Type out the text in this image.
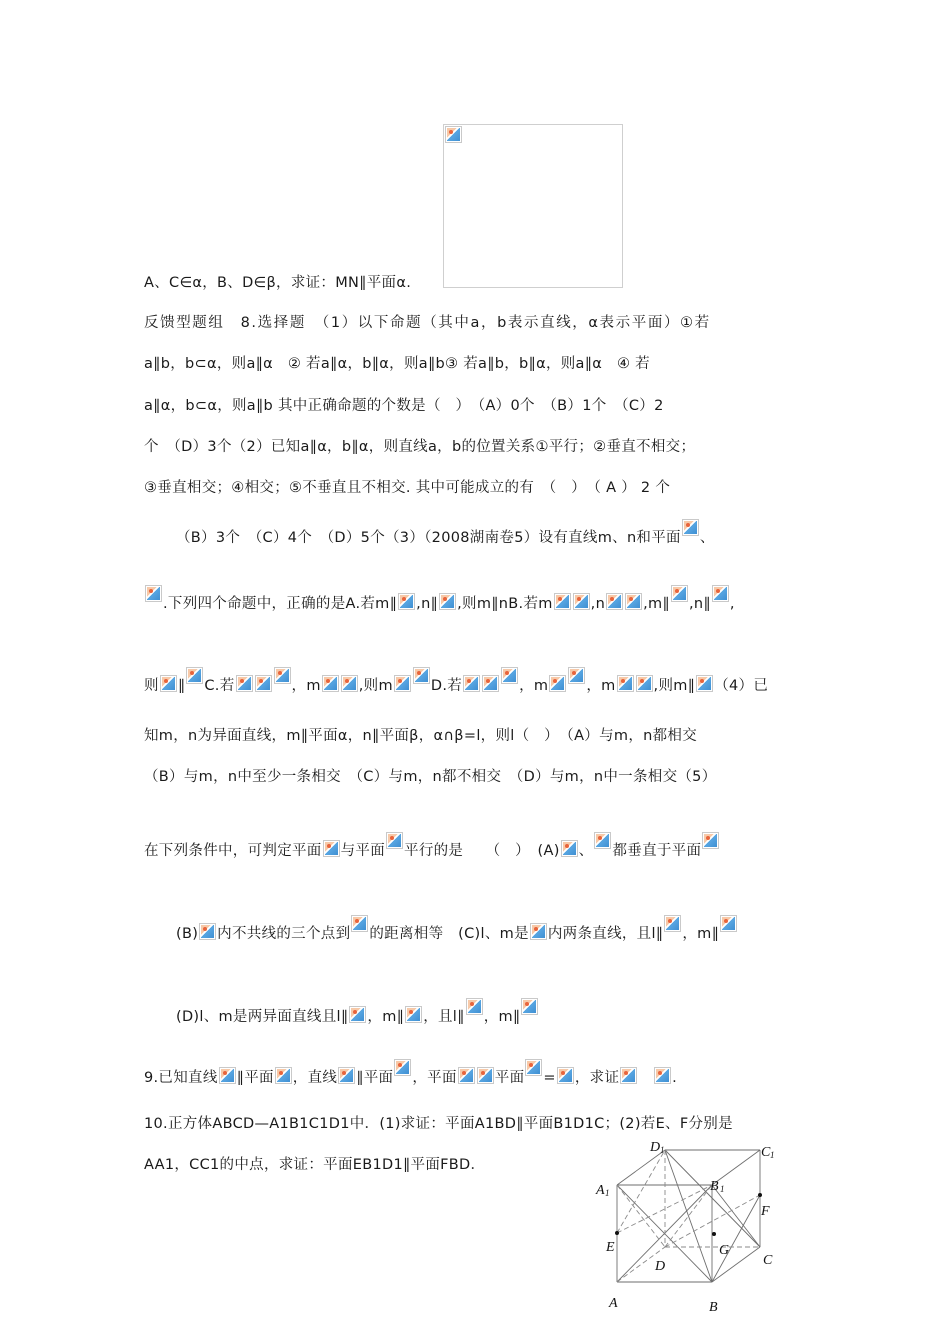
A、C∈α，B、D∈β，求证：MN∥平面α.
反馈型题组　8.选择题　（1）以下命题（其中a，b表示直线，α表示平面）①若
a∥b，b⊂α，则a∥α　② 若a∥α，b∥α，则a∥b③ 若a∥b，b∥α，则a∥α　④ 若
a∥α，b⊂α，则a∥b 其中正确命题的个数是（　）　（A）0个　（B）1个　（C）2
个　（D）3个（2）已知a∥α，b∥α，则直线a，b的位置关系①平行；②垂直不相交；
③垂直相交；④相交；⑤不垂直且不相交. 其中可能成立的有　（　）　（ A ） 2 个
（B）3个　（C）4个　（D）5个（3）（2008湖南卷5）设有直线m、n和平面 、
.下列四个命题中，正确的是A.若m∥ ,n∥ ,则m∥nB.若m	,n	,m∥ ,n∥ ,
则 ∥ C.若	，m	,则m	D.若	，m	，m	,则m∥ （4）已
知m，n为异面直线，m∥平面α，n∥平面β，α∩β=l，则l（　）　（A）与m，n都相交
（B）与m，n中至少一条相交　（C）与m，n都不相交　（D）与m，n中一条相交（5）
在下列条件中，可判定平面 与平面 平行的是　　（　）　(A) 、 都垂直于平面
(B) 内不共线的三个点到 的距离相等　(C)l、m是 内两条直线，且l∥ ，m∥
(D)l、m是两异面直线且l∥ ，m∥ ，且l∥ ，m∥
9.已知直线 ∥平面 ，直线 ∥平面 ，平面	平面 = ，求证　	.
10.正方体ABCD—A1B1C1D1中．(1)求证：平面A1BD∥平面B1D1C；(2)若E、F分别是
AA1，CC1的中点，求证：平面EB1D1∥平面FBD．
D 1	C 1
A 1	B 1
F
E	G
C
D
A	B
